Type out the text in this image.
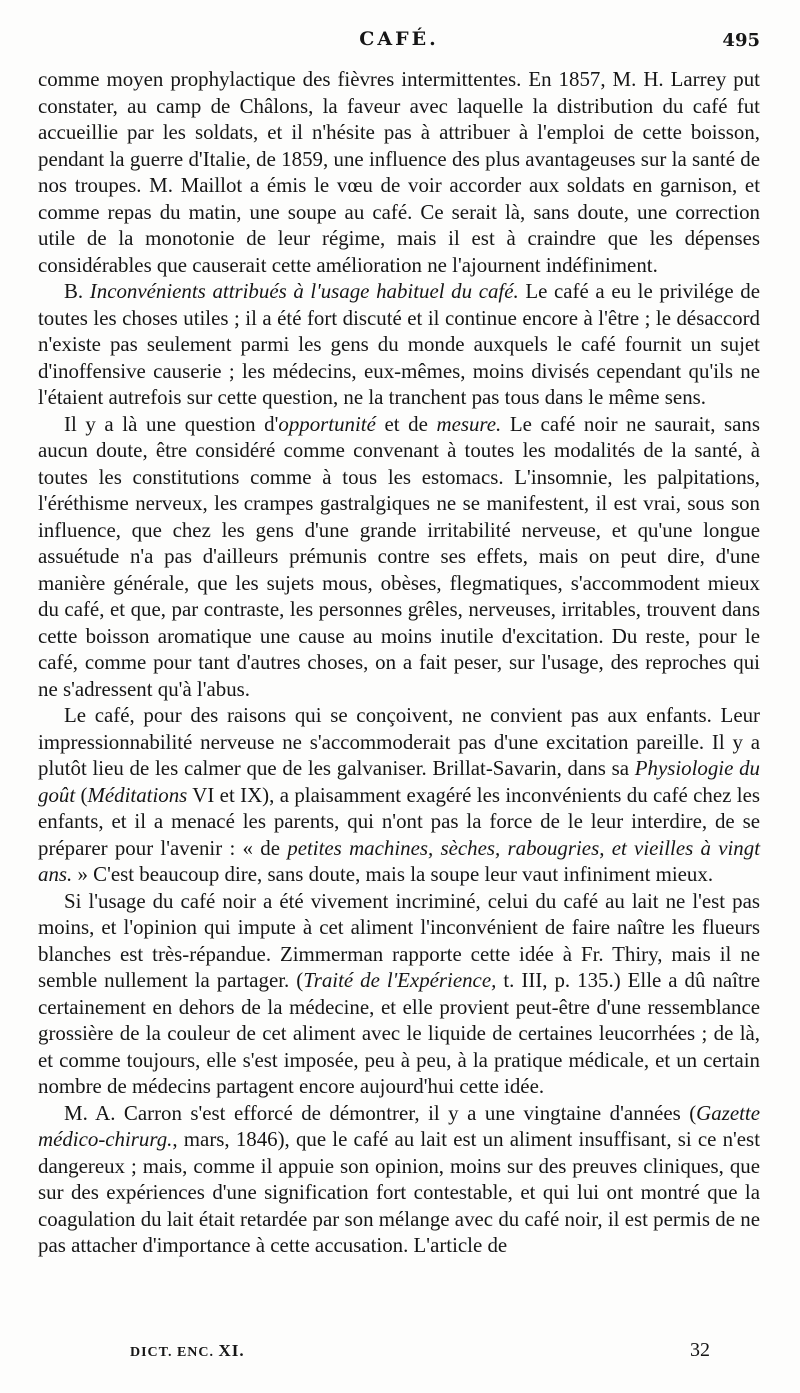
CAFÉ.	495

comme moyen prophylactique des fièvres intermittentes. En 1857, M. H. Larrey put constater, au camp de Châlons, la faveur avec laquelle la distribution du café fut accueillie par les soldats, et il n'hésite pas à attribuer à l'emploi de cette boisson, pendant la guerre d'Italie, de 1859, une influence des plus avantageuses sur la santé de nos troupes. M. Maillot a émis le vœu de voir accorder aux soldats en garnison, et comme repas du matin, une soupe au café. Ce serait là, sans doute, une correction utile de la monotonie de leur régime, mais il est à craindre que les dépenses considérables que causerait cette amélioration ne l'ajournent indéfiniment.

B. Inconvénients attribués à l'usage habituel du café. Le café a eu le privilége de toutes les choses utiles ; il a été fort discuté et il continue encore à l'être ; le désaccord n'existe pas seulement parmi les gens du monde auxquels le café fournit un sujet d'inoffensive causerie ; les médecins, eux-mêmes, moins divisés cependant qu'ils ne l'étaient autrefois sur cette question, ne la tranchent pas tous dans le même sens.

Il y a là une question d'opportunité et de mesure. Le café noir ne saurait, sans aucun doute, être considéré comme convenant à toutes les modalités de la santé, à toutes les constitutions comme à tous les estomacs. L'insomnie, les palpitations, l'éréthisme nerveux, les crampes gastralgiques ne se manifestent, il est vrai, sous son influence, que chez les gens d'une grande irritabilité nerveuse, et qu'une longue assuétude n'a pas d'ailleurs prémunis contre ses effets, mais on peut dire, d'une manière générale, que les sujets mous, obèses, flegmatiques, s'accommodent mieux du café, et que, par contraste, les personnes grêles, nerveuses, irritables, trouvent dans cette boisson aromatique une cause au moins inutile d'excitation. Du reste, pour le café, comme pour tant d'autres choses, on a fait peser, sur l'usage, des reproches qui ne s'adressent qu'à l'abus.

Le café, pour des raisons qui se conçoivent, ne convient pas aux enfants. Leur impressionnabilité nerveuse ne s'accommoderait pas d'une excitation pareille. Il y a plutôt lieu de les calmer que de les galvaniser. Brillat-Savarin, dans sa Physiologie du goût (Méditations VI et IX), a plaisamment exagéré les inconvénients du café chez les enfants, et il a menacé les parents, qui n'ont pas la force de le leur interdire, de se préparer pour l'avenir : « de petites machines, sèches, rabougries, et vieilles à vingt ans. » C'est beaucoup dire, sans doute, mais la soupe leur vaut infiniment mieux.

Si l'usage du café noir a été vivement incriminé, celui du café au lait ne l'est pas moins, et l'opinion qui impute à cet aliment l'inconvénient de faire naître les flueurs blanches est très-répandue. Zimmerman rapporte cette idée à Fr. Thiry, mais il ne semble nullement la partager. (Traité de l'Expérience, t. III, p. 135.) Elle a dû naître certainement en dehors de la médecine, et elle provient peut-être d'une ressemblance grossière de la couleur de cet aliment avec le liquide de certaines leucorrhées ; de là, et comme toujours, elle s'est imposée, peu à peu, à la pratique médicale, et un certain nombre de médecins partagent encore aujourd'hui cette idée.

M. A. Carron s'est efforcé de démontrer, il y a une vingtaine d'années (Gazette médico-chirurg., mars, 1846), que le café au lait est un aliment insuffisant, si ce n'est dangereux ; mais, comme il appuie son opinion, moins sur des preuves cliniques, que sur des expériences d'une signification fort contestable, et qui lui ont montré que la coagulation du lait était retardée par son mélange avec du café noir, il est permis de ne pas attacher d'importance à cette accusation. L'article de

DICT. ENC. XI.	32
